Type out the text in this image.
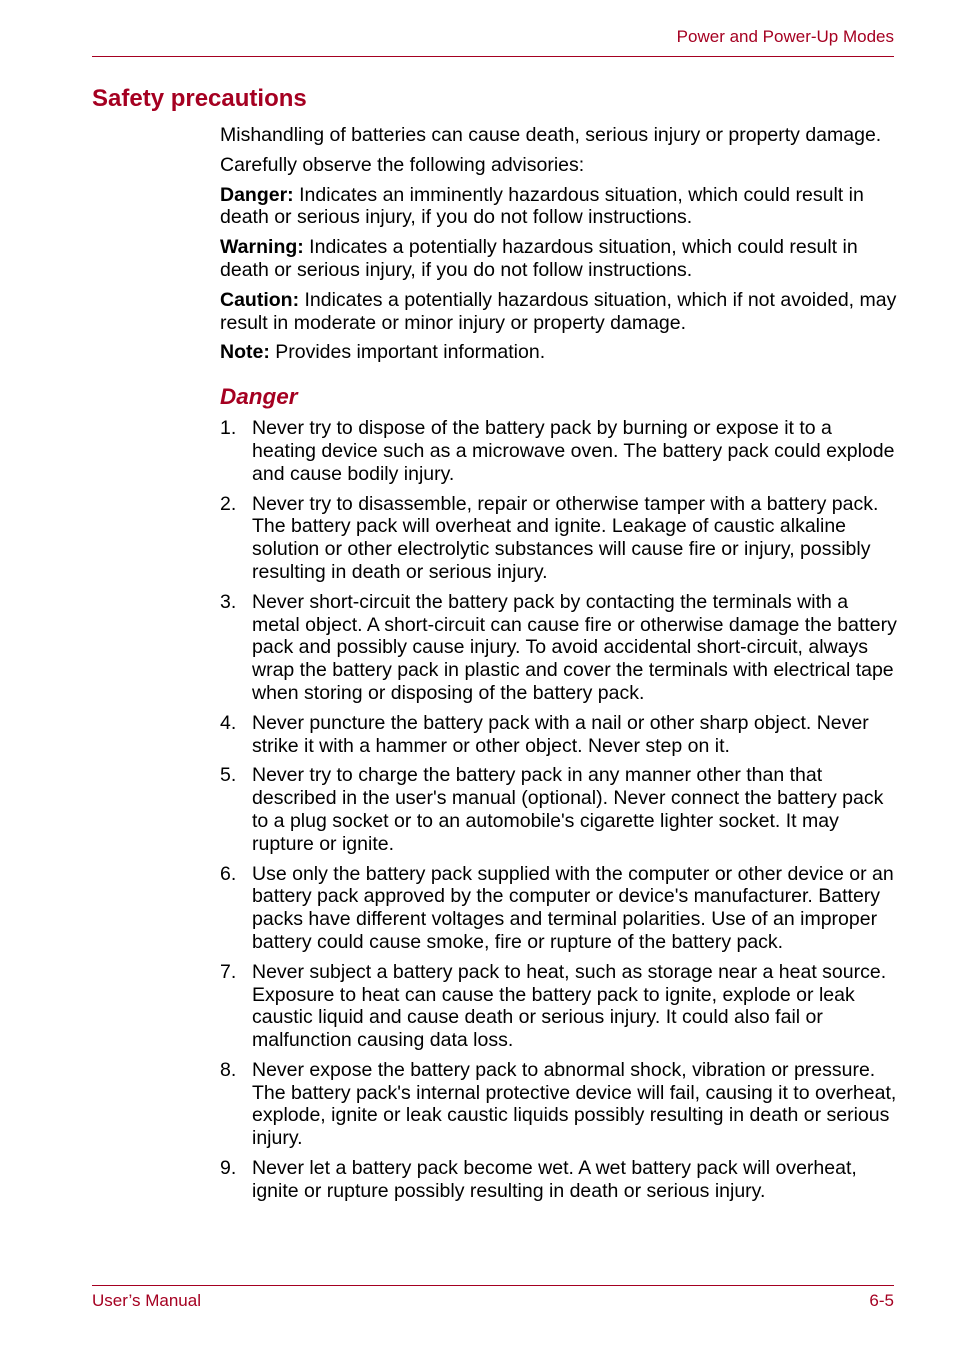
Power and Power-Up Modes
Safety precautions

Mishandling of batteries can cause death, serious injury or property damage.

Carefully observe the following advisories:

Danger: Indicates an imminently hazardous situation, which could result in death or serious injury, if you do not follow instructions.

Warning: Indicates a potentially hazardous situation, which could result in death or serious injury, if you do not follow instructions.

Caution: Indicates a potentially hazardous situation, which if not avoided, may result in moderate or minor injury or property damage.

Note: Provides important information.

Danger
1. Never try to dispose of the battery pack by burning or expose it to a heating device such as a microwave oven. The battery pack could explode and cause bodily injury.
2. Never try to disassemble, repair or otherwise tamper with a battery pack. The battery pack will overheat and ignite. Leakage of caustic alkaline solution or other electrolytic substances will cause fire or injury, possibly resulting in death or serious injury.
3. Never short-circuit the battery pack by contacting the terminals with a metal object. A short-circuit can cause fire or otherwise damage the battery pack and possibly cause injury. To avoid accidental short-circuit, always wrap the battery pack in plastic and cover the terminals with electrical tape when storing or disposing of the battery pack.
4. Never puncture the battery pack with a nail or other sharp object. Never strike it with a hammer or other object. Never step on it.
5. Never try to charge the battery pack in any manner other than that described in the user's manual (optional). Never connect the battery pack to a plug socket or to an automobile's cigarette lighter socket. It may rupture or ignite.
6. Use only the battery pack supplied with the computer or other device or an battery pack approved by the computer or device's manufacturer. Battery packs have different voltages and terminal polarities. Use of an improper battery could cause smoke, fire or rupture of the battery pack.
7. Never subject a battery pack to heat, such as storage near a heat source. Exposure to heat can cause the battery pack to ignite, explode or leak caustic liquid and cause death or serious injury. It could also fail or malfunction causing data loss.
8. Never expose the battery pack to abnormal shock, vibration or pressure. The battery pack's internal protective device will fail, causing it to overheat, explode, ignite or leak caustic liquids possibly resulting in death or serious injury.
9. Never let a battery pack become wet. A wet battery pack will overheat, ignite or rupture possibly resulting in death or serious injury.
User’s Manual	6-5
